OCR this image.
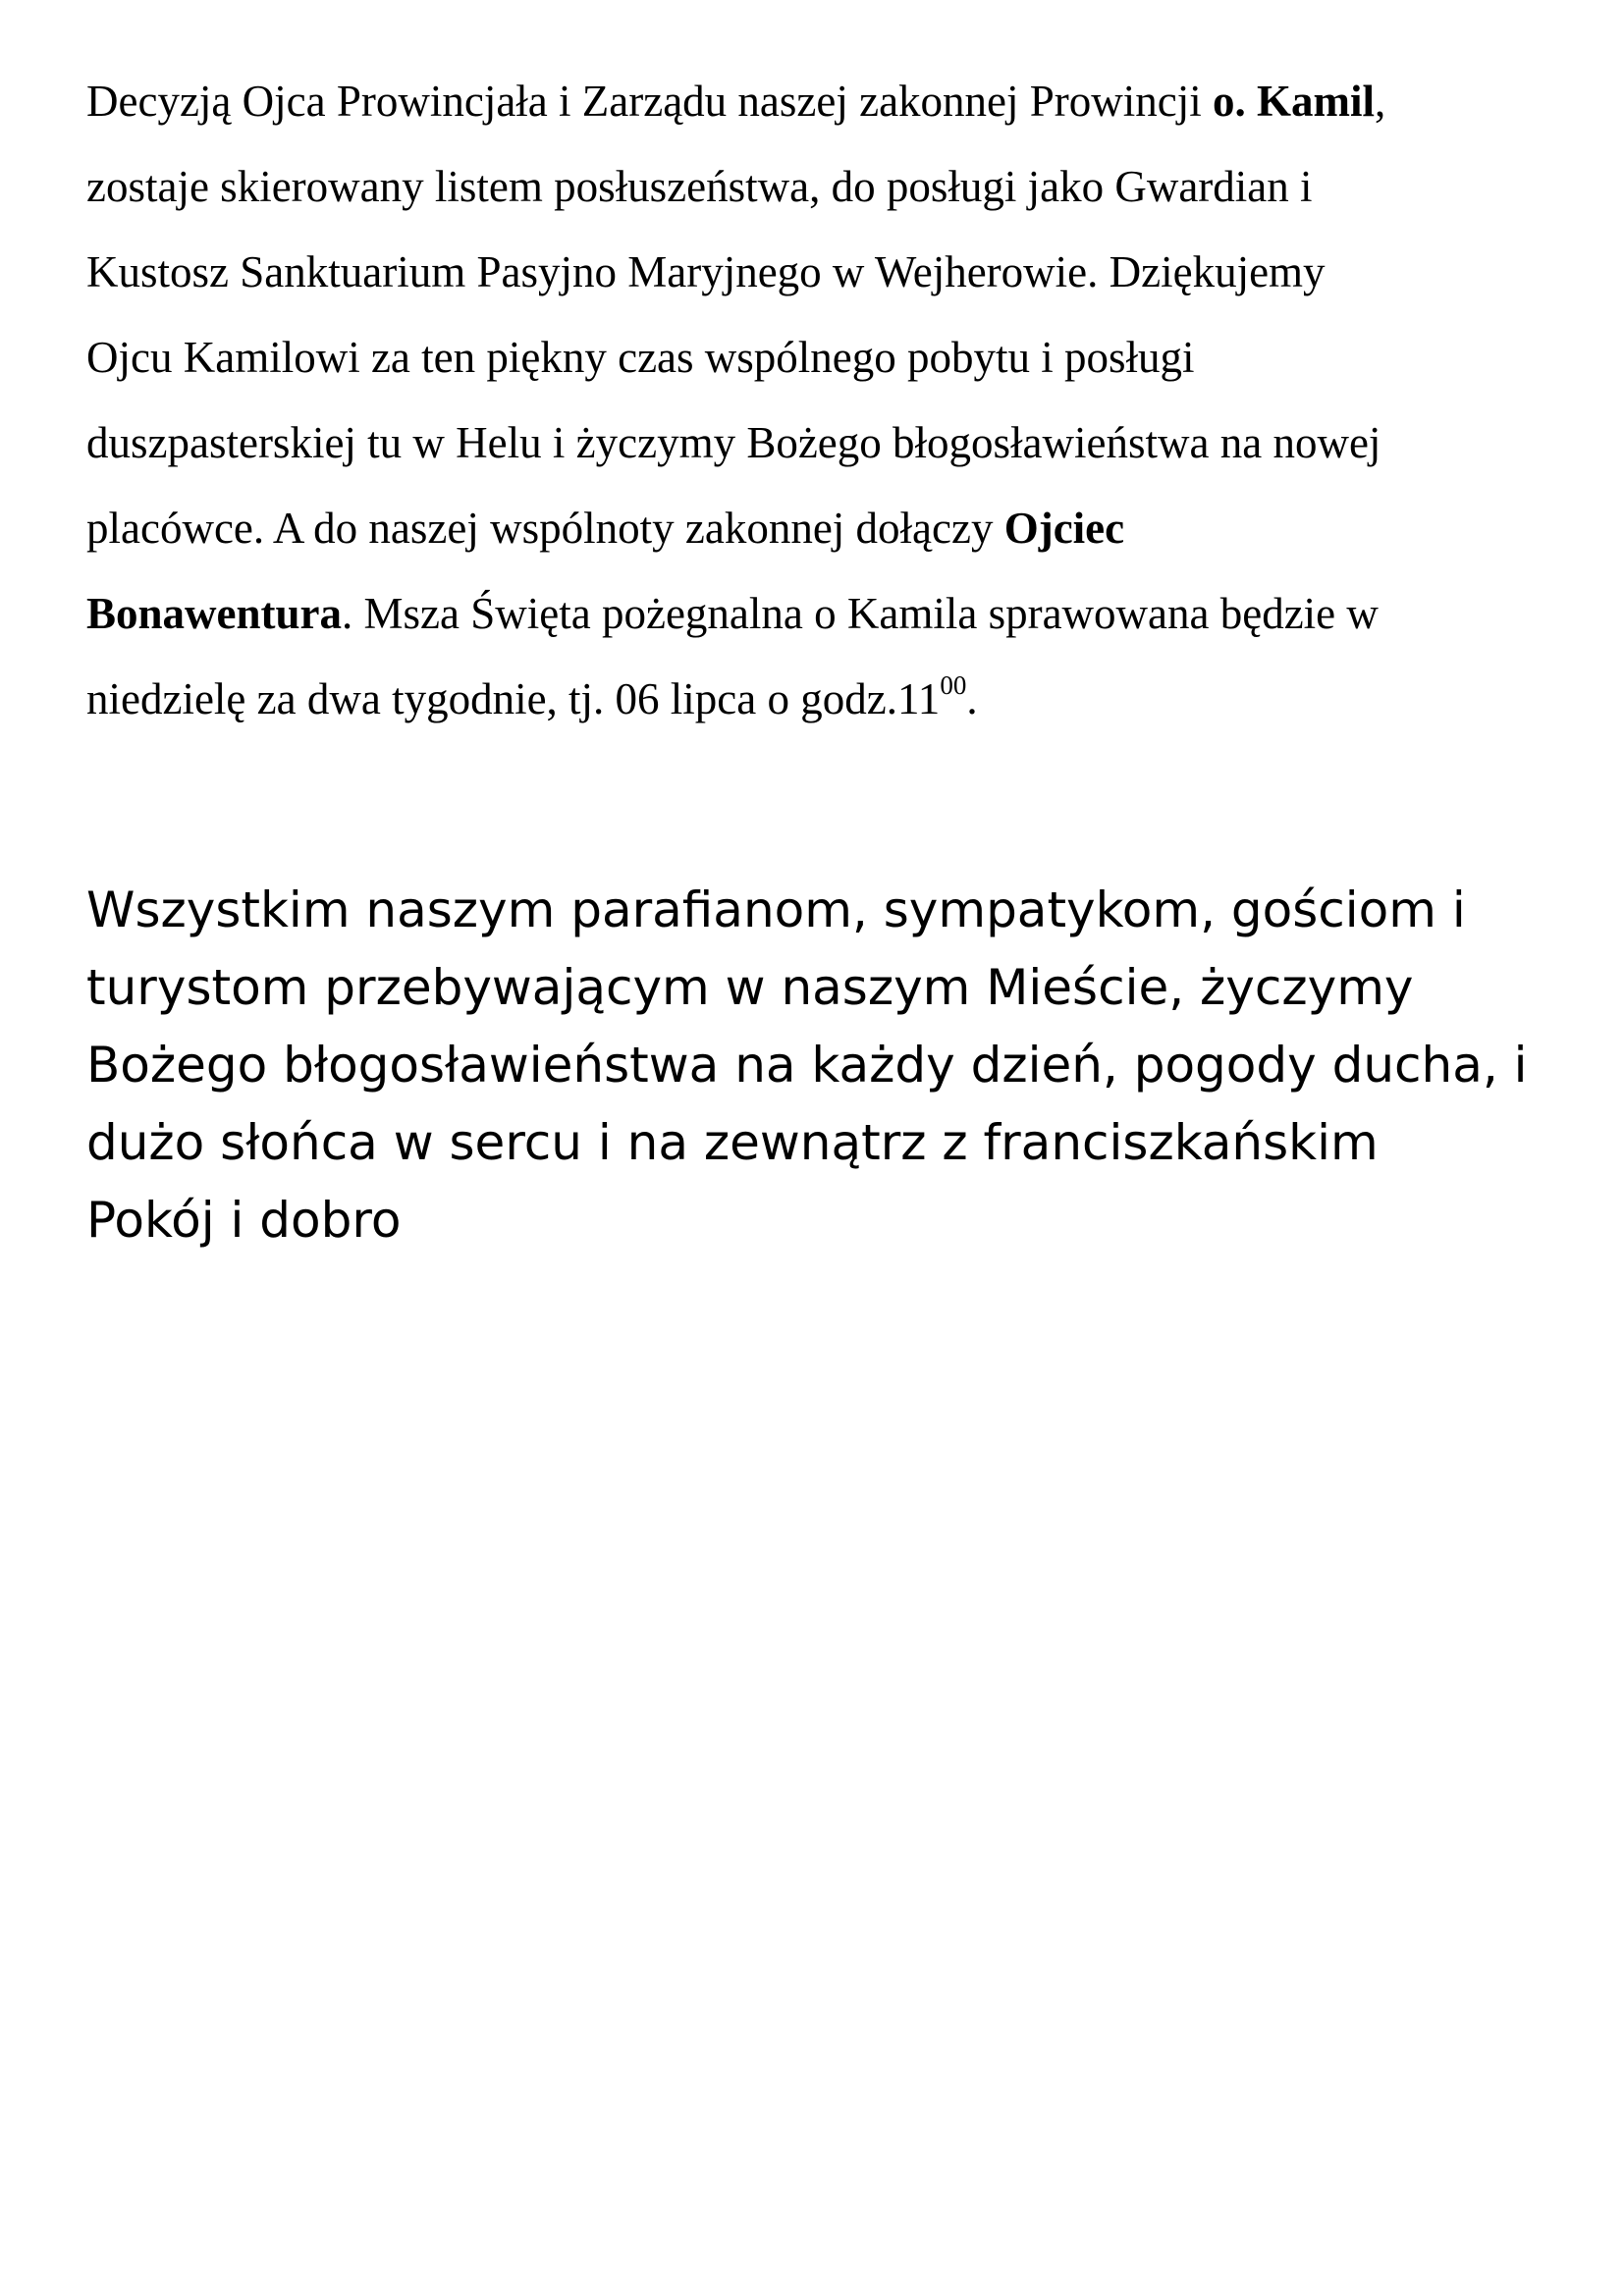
Decyzją Ojca Prowincjała i Zarządu naszej zakonnej Prowincji o. Kamil,
zostaje skierowany listem posłuszeństwa, do posługi jako Gwardian i
Kustosz Sanktuarium Pasyjno Maryjnego w Wejherowie. Dziękujemy
Ojcu Kamilowi za ten piękny czas wspólnego pobytu i posługi
duszpasterskiej tu w Helu i życzymy Bożego błogosławieństwa na nowej
placówce. A do naszej wspólnoty zakonnej dołączy Ojciec
Bonawentura. Msza Święta pożegnalna o Kamila sprawowana będzie w
niedzielę za dwa tygodnie, tj. 06 lipca o $godz.11^{00}$.
Wszystkim naszym parafianom, sympatykom, gościom i
turystom przebywającym w naszym Mieście, życzymy
Bożego błogosławieństwa na każdy dzień, pogody ducha, i
dużo słońca w sercu i na zewnątrz z franciszkańskim
Pokój i dobro
